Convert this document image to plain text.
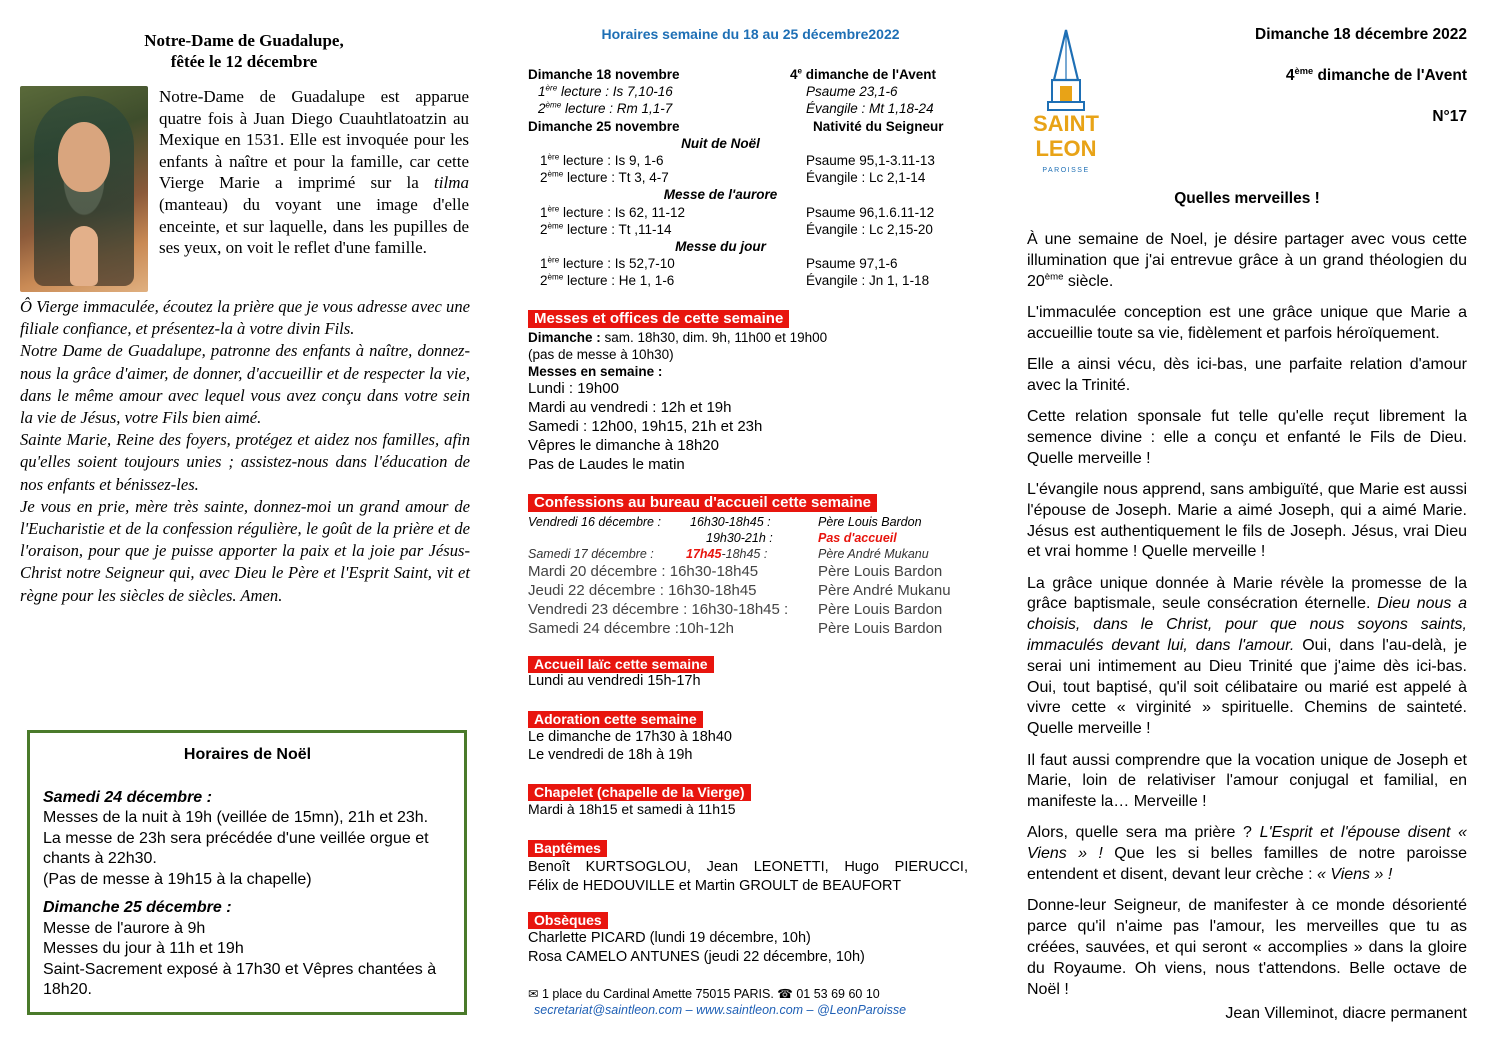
Notre-Dame de Guadalupe,
fêtée le 12 décembre

Notre-Dame de Guadalupe est apparue quatre fois à Juan Diego Cuauhtlatoatzin au Mexique en 1531. Elle est invoquée pour les enfants à naître et pour la famille, car cette Vierge Marie a imprimé sur la tilma (manteau) du voyant une image d'elle enceinte, et sur laquelle, dans les pupilles de ses yeux, on voit le reflet d'une famille.

Ô Vierge immaculée, écoutez la prière que je vous adresse avec une filiale confiance, et présentez-la à votre divin Fils.

Notre Dame de Guadalupe, patronne des enfants à naître, donnez-nous la grâce d'aimer, de donner, d'accueillir et de respecter la vie, dans le même amour avec lequel vous avez conçu dans votre sein la vie de Jésus, votre Fils bien aimé.

Sainte Marie, Reine des foyers, protégez et aidez nos familles, afin qu'elles soient toujours unies ; assistez-nous dans l'éducation de nos enfants et bénissez-les.

Je vous en prie, mère très sainte, donnez-moi un grand amour de l'Eucharistie et de la confession régulière, le goût de la prière et de l'oraison, pour que je puisse apporter la paix et la joie par Jésus-Christ notre Seigneur qui, avec Dieu le Père et l'Esprit Saint, vit et règne pour les siècles de siècles. Amen.

Horaires de Noël
Samedi 24 décembre :
Messes de la nuit à 19h (veillée de 15mn), 21h et 23h.
La messe de 23h sera précédée d'une veillée orgue et chants à 22h30.
(Pas de messe à 19h15 à la chapelle)
Dimanche 25 décembre :
Messe de l'aurore à 9h
Messes du jour à 11h et 19h
Saint-Sacrement exposé à 17h30 et Vêpres chantées à 18h20.
Horaires semaine du 18 au 25 décembre2022
Dimanche 18 novembre	4e dimanche de l'Avent
1ère lecture : Is 7,10-16	Psaume 23,1-6
2ème lecture : Rm 1,1-7	Évangile : Mt 1,18-24
Dimanche 25 novembre	Nativité du Seigneur
Nuit de Noël
1ère lecture : Is 9, 1-6	Psaume 95,1-3.11-13
2ème lecture : Tt 3, 4-7	Évangile : Lc 2,1-14
Messe de l'aurore
1ère lecture : Is 62, 11-12	Psaume 96,1.6.11-12
2ème lecture : Tt ,11-14	Évangile : Lc 2,15-20
Messe du jour
1ère lecture : Is 52,7-10	Psaume 97,1-6
2ème lecture : He 1, 1-6	Évangile : Jn 1, 1-18
Messes et offices de cette semaine
Dimanche : sam. 18h30, dim. 9h, 11h00 et 19h00
(pas de messe à 10h30)
Messes en semaine :
Lundi : 19h00
Mardi au vendredi : 12h et 19h
Samedi : 12h00, 19h15, 21h et 23h
Vêpres le dimanche à 18h20
Pas de Laudes le matin
Confessions au bureau d'accueil cette semaine
Vendredi 16 décembre : 16h30-18h45 :	Père Louis Bardon
19h30-21h :	Pas d'accueil
Samedi 17 décembre :	17h45-18h45 :	Père André Mukanu
Mardi 20 décembre : 16h30-18h45	Père Louis Bardon
Jeudi 22 décembre : 16h30-18h45	Père André Mukanu
Vendredi 23 décembre : 16h30-18h45 : Père Louis Bardon
Samedi 24 décembre :10h-12h	Père Louis Bardon
Accueil laïc cette semaine
Lundi au vendredi 15h-17h
Adoration cette semaine
Le dimanche de 17h30 à 18h40
Le vendredi de 18h à 19h
Chapelet (chapelle de la Vierge)
Mardi à 18h15 et samedi à 11h15
Baptêmes
Benoît KURTSOGLOU, Jean LEONETTI, Hugo PIERUCCI,
Félix de HEDOUVILLE et Martin GROULT de BEAUFORT
Obsèques
Charlette PICARD (lundi 19 décembre, 10h)
Rosa CAMELO ANTUNES (jeudi 22 décembre, 10h)
✉ 1 place du Cardinal Amette 75015 PARIS. ☎ 01 53 69 60 10
secretariat@saintleon.com – www.saintleon.com – @LeonParoisse
SAINT
LEON
PAROISSE
Dimanche 18 décembre 2022
4ème dimanche de l'Avent
N°17
Quelles merveilles !

À une semaine de Noel, je désire partager avec vous cette illumination que j'ai entrevue grâce à un grand théologien du 20ème siècle.

L'immaculée conception est une grâce unique que Marie a accueillie toute sa vie, fidèlement et parfois héroïquement.

Elle a ainsi vécu, dès ici-bas, une parfaite relation d'amour avec la Trinité.

Cette relation sponsale fut telle qu'elle reçut librement la semence divine : elle a conçu et enfanté le Fils de Dieu. Quelle merveille !

L'évangile nous apprend, sans ambiguïté, que Marie est aussi l'épouse de Joseph. Marie a aimé Joseph, qui a aimé Marie. Jésus est authentiquement le fils de Joseph. Jésus, vrai Dieu et vrai homme ! Quelle merveille !

La grâce unique donnée à Marie révèle la promesse de la grâce baptismale, seule consécration éternelle. Dieu nous a choisis, dans le Christ, pour que nous soyons saints, immaculés devant lui, dans l'amour. Oui, dans l'au-delà, je serai uni intimement au Dieu Trinité que j'aime dès ici-bas. Oui, tout baptisé, qu'il soit célibataire ou marié est appelé à vivre cette « virginité » spirituelle. Chemins de sainteté. Quelle merveille !

Il faut aussi comprendre que la vocation unique de Joseph et Marie, loin de relativiser l'amour conjugal et familial, en manifeste la… Merveille !

Alors, quelle sera ma prière ? L'Esprit et l'épouse disent « Viens » ! Que les si belles familles de notre paroisse entendent et disent, devant leur crèche : « Viens » !

Donne-leur Seigneur, de manifester à ce monde désorienté parce qu'il n'aime pas l'amour, les merveilles que tu as créées, sauvées, et qui seront « accomplies » dans la gloire du Royaume. Oh viens, nous t'attendons. Belle octave de Noël !

Jean Villeminot, diacre permanent
